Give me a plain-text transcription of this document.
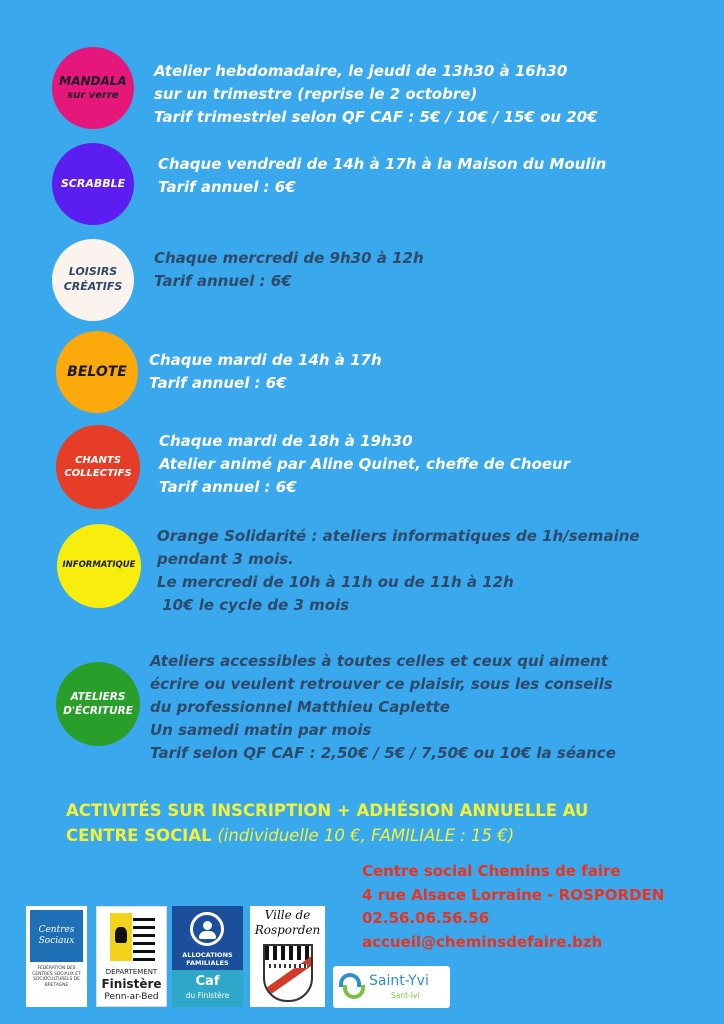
MANDALA
sur verre
Atelier hebdomadaire, le jeudi de 13h30 à 16h30
sur un trimestre (reprise le 2 octobre)
Tarif trimestriel selon QF CAF : 5€ / 10€ / 15€ ou 20€
SCRABBLE
Chaque vendredi de 14h à 17h à la Maison du Moulin
Tarif annuel : 6€
LOISIRS
CRÉATIFS
Chaque mercredi de 9h30 à 12h
Tarif annuel : 6€
BELOTE
Chaque mardi de 14h à 17h
Tarif annuel : 6€
CHANTS
COLLECTIFS
Chaque mardi de 18h à 19h30
Atelier animé par Aline Quinet, cheffe de Choeur
Tarif annuel : 6€
INFORMATIQUE
Orange Solidarité : ateliers informatiques de 1h/semaine
pendant 3 mois.
Le mercredi de 10h à 11h ou de 11h à 12h
10€ le cycle de 3 mois
ATELIERS
D'ÉCRITURE
Ateliers accessibles à toutes celles et ceux qui aiment
écrire ou veulent retrouver ce plaisir, sous les conseils
du professionnel Matthieu Caplette
Un samedi matin par mois
Tarif selon QF CAF : 2,50€ / 5€ / 7,50€ ou 10€ la séance
ACTIVITÉS SUR INSCRIPTION + ADHÉSION ANNUELLE AU
CENTRE SOCIAL (individuelle 10 €, FAMILIALE : 15 €)
Centre social Chemins de faire
4 rue Alsace Lorraine - ROSPORDEN
02.56.06.56.56
accueil@cheminsdefaire.bzh
Centres Sociaux
FÉDÉRATION DES CENTRES SOCIAUX ET SOCIOCULTURELS DE BRETAGNE
DÉPARTEMENT
Finistère
Penn-ar-Bed
ALLOCATIONS
FAMILIALES
Caf
du Finistère
Ville de
Rosporden
Saint-Yvi
Sant-Ivi
